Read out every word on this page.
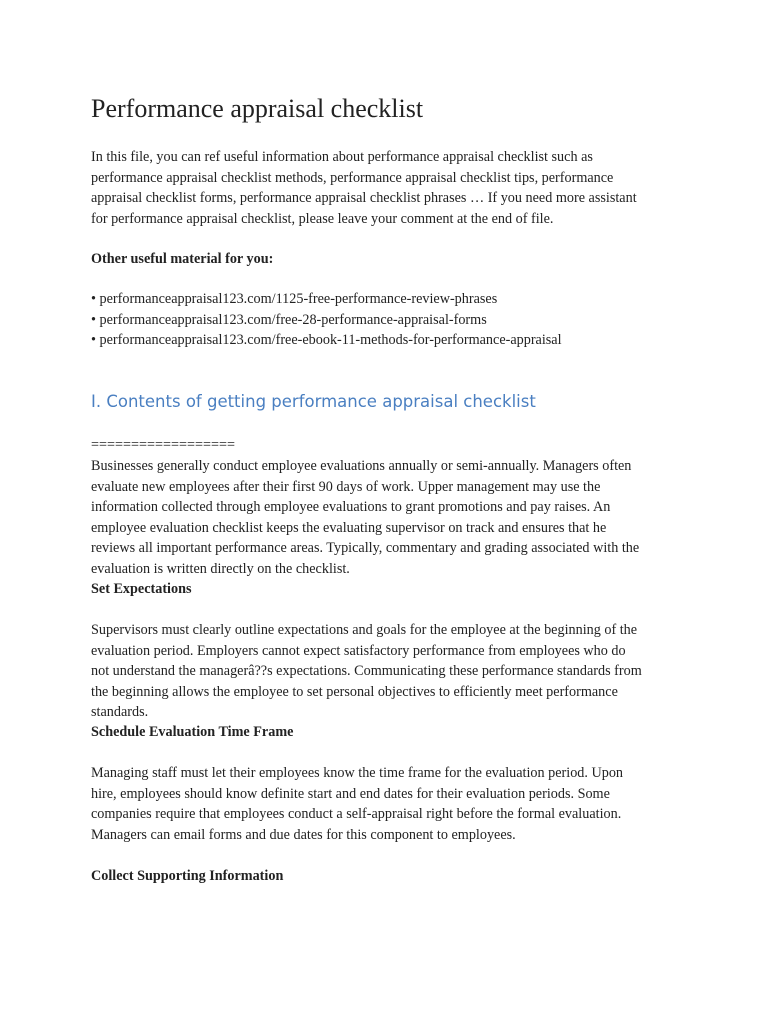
Performance appraisal checklist

In this file, you can ref useful information about performance appraisal checklist such as
performance appraisal checklist methods, performance appraisal checklist tips, performance
appraisal checklist forms, performance appraisal checklist phrases … If you need more assistant
for performance appraisal checklist, please leave your comment at the end of file.

Other useful material for you:

• performanceappraisal123.com/1125-free-performance-review-phrases
• performanceappraisal123.com/free-28-performance-appraisal-forms
• performanceappraisal123.com/free-ebook-11-methods-for-performance-appraisal
I. Contents of getting performance appraisal checklist

==================

Businesses generally conduct employee evaluations annually or semi-annually. Managers often
evaluate new employees after their first 90 days of work. Upper management may use the
information collected through employee evaluations to grant promotions and pay raises. An
employee evaluation checklist keeps the evaluating supervisor on track and ensures that he
reviews all important performance areas. Typically, commentary and grading associated with the
evaluation is written directly on the checklist.

Set Expectations

Supervisors must clearly outline expectations and goals for the employee at the beginning of the
evaluation period. Employers cannot expect satisfactory performance from employees who do
not understand the managerâ??s expectations. Communicating these performance standards from
the beginning allows the employee to set personal objectives to efficiently meet performance
standards.

Schedule Evaluation Time Frame

Managing staff must let their employees know the time frame for the evaluation period. Upon
hire, employees should know definite start and end dates for their evaluation periods. Some
companies require that employees conduct a self-appraisal right before the formal evaluation.
Managers can email forms and due dates for this component to employees.

Collect Supporting Information
